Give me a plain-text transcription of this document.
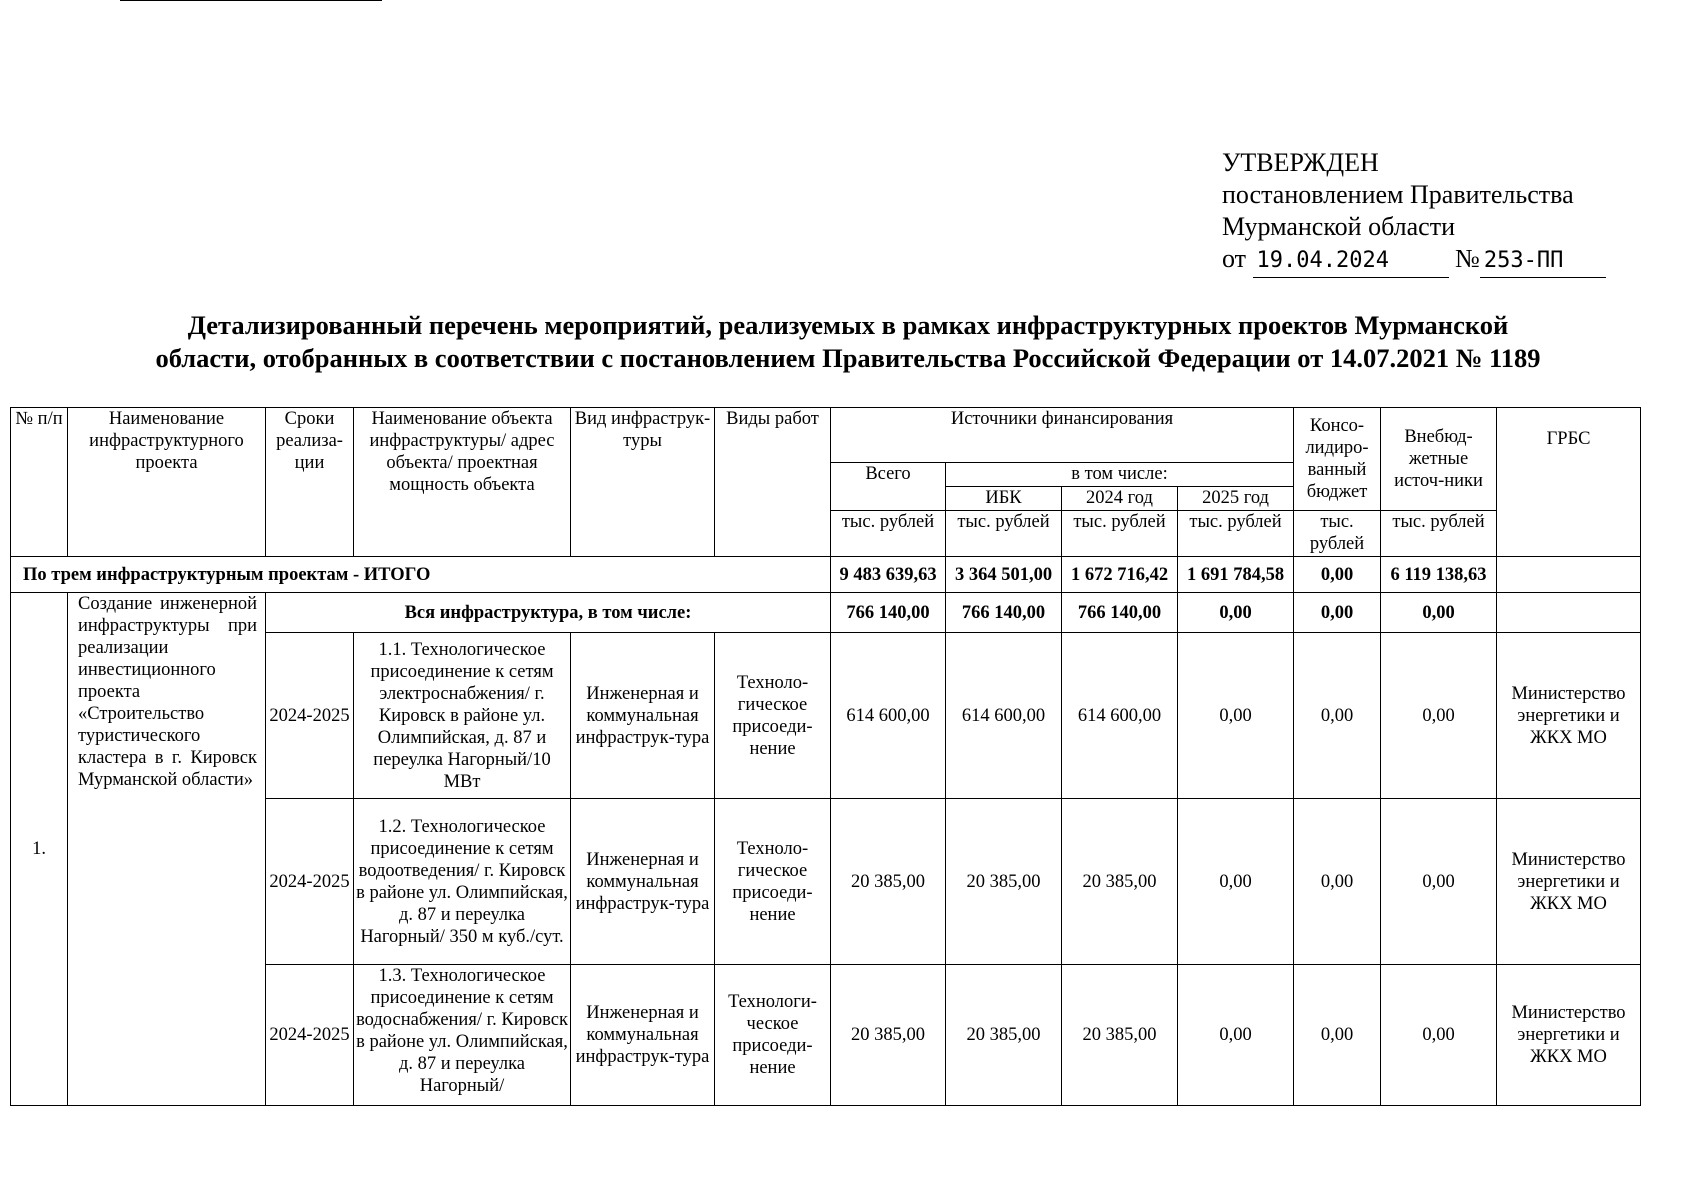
УТВЕРЖДЕН
постановлением Правительства
Мурманской области
от 19.04.2024	№ 253-ПП
Детализированный перечень мероприятий, реализуемых в рамках инфраструктурных проектов Мурманской
области, отобранных в соответствии с постановлением Правительства Российской Федерации от 14.07.2021 № 1189
№ п/п	Наименование инфраструктурного проекта	Сроки реализа-ции	Наименование объекта инфраструктуры/ адрес объекта/ проектная мощность объекта	Вид инфраструк-туры	Виды работ	Источники финансирования				Консо-лидиро-ванный бюджет	Внебюд-жетные источ-ники	ГРБС
						Всего	в том числе:					
							ИБК	2024 год	2025 год			
						тыс. рублей	тыс. рублей	тыс. рублей	тыс. рублей	тыс. рублей	тыс. рублей	
По трем инфраструктурным проектам - ИТОГО						9 483 639,63	3 364 501,00	1 672 716,42	1 691 784,58	0,00	6 119 138,63	
1.	Создание инженерной инфраструктуры при реализации инвестиционного проекта «Строительство туристического кластера в г. Кировск Мурманской области»	Вся инфраструктура, в том числе:				766 140,00	766 140,00	766 140,00	0,00	0,00	0,00	
		2024-2025	1.1. Технологическое присоединение к сетям электроснабжения/ г. Кировск в районе ул. Олимпийская, д. 87 и переулка Нагорный/10 МВт	Инженерная и коммунальная инфраструк-тура	Техноло-гическое присоеди-нение	614 600,00	614 600,00	614 600,00	0,00	0,00	0,00	Министерство энергетики и ЖКХ МО
		2024-2025	1.2. Технологическое присоединение к сетям водоотведения/ г. Кировск в районе ул. Олимпийская, д. 87 и переулка Нагорный/ 350 м куб./сут.	Инженерная и коммунальная инфраструк-тура	Техноло-гическое присоеди-нение	20 385,00	20 385,00	20 385,00	0,00	0,00	0,00	Министерство энергетики и ЖКХ МО
		2024-2025	1.3. Технологическое присоединение к сетям водоснабжения/ г. Кировск в районе ул. Олимпийская, д. 87 и переулка Нагорный/	Инженерная и коммунальная инфраструк-тура	Технологи-ческое присоеди-нение	20 385,00	20 385,00	20 385,00	0,00	0,00	0,00	Министерство энергетики и ЖКХ МО
